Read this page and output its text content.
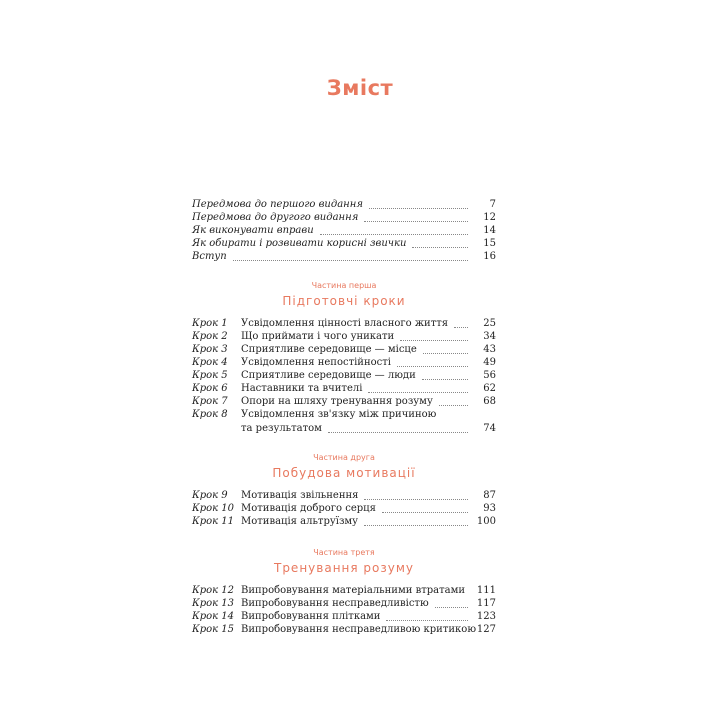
Зміст
Передмова до першого видання	7
Передмова до другого видання	12
Як виконувати вправи	14
Як обирати і розвивати корисні звички	15
Вступ	16
Частина перша
Підготовчі кроки
Крок 1 Усвідомлення цінності власного життя	25
Крок 2 Що приймати і чого уникати	34
Крок 3 Сприятливе середовище — місце	43
Крок 4 Усвідомлення непостійності	49
Крок 5 Сприятливе середовище — люди	56
Крок 6 Наставники та вчителі	62
Крок 7 Опори на шляху тренування розуму	68
Крок 8 Усвідомлення зв'язку між причиною
та результатом	74
Частина друга
Побудова мотивації
Крок 9 Мотивація звільнення	87
Крок 10 Мотивація доброго серця	93
Крок 11 Мотивація альтруїзму	100
Частина третя
Тренування розуму
Крок 12 Випробовування матеріальними втратами 111
Крок 13 Випробовування несправедливістю	117
Крок 14 Випробовування плітками	123
Крок 15 Випробовування несправедливою критикою 127
